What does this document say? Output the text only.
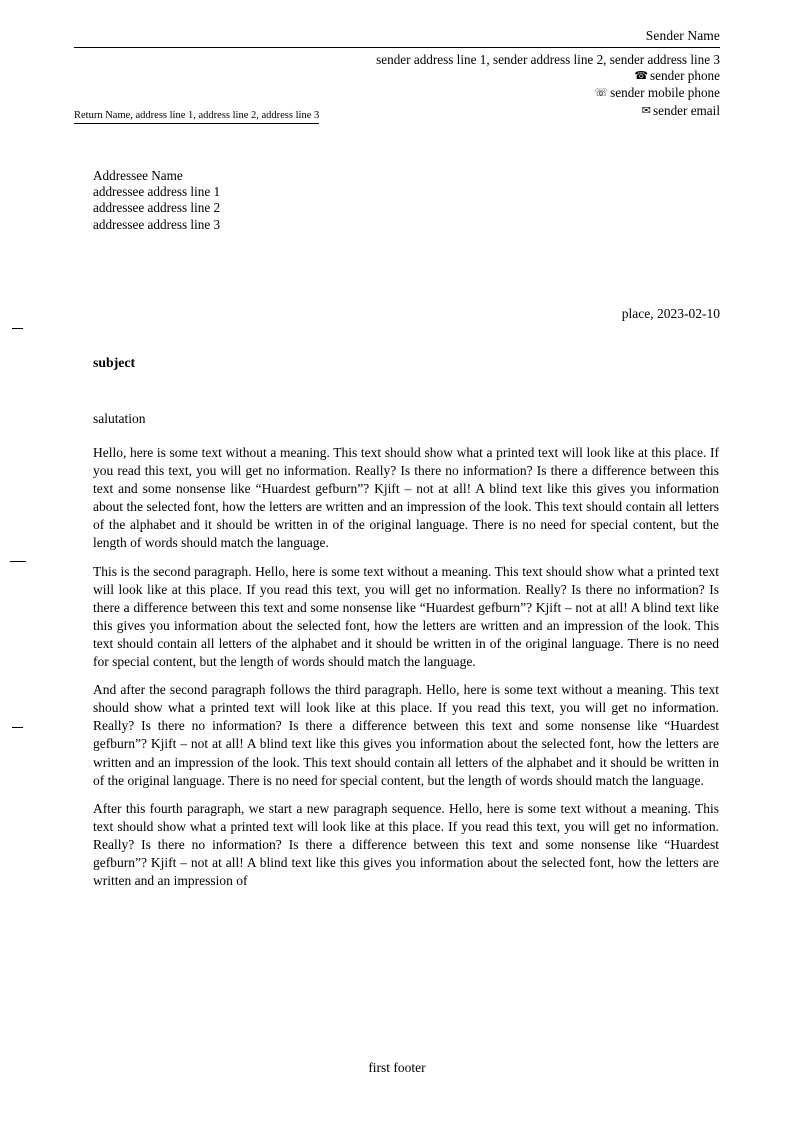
Sender Name
sender address line 1, sender address line 2, sender address line 3
☎ sender phone
☏ sender mobile phone
✉ sender email
Return Name, address line 1, address line 2, address line 3
Addressee Name
addressee address line 1
addressee address line 2
addressee address line 3
place, 2023-02-10
subject
salutation

Hello, here is some text without a meaning. This text should show what a printed text will look like at this place. If you read this text, you will get no information. Really? Is there no information? Is there a difference between this text and some nonsense like “Huardest gefburn”? Kjift – not at all! A blind text like this gives you information about the selected font, how the letters are written and an impression of the look. This text should contain all letters of the alphabet and it should be written in of the original language. There is no need for special content, but the length of words should match the language.

This is the second paragraph. Hello, here is some text without a meaning. This text should show what a printed text will look like at this place. If you read this text, you will get no information. Really? Is there no information? Is there a difference between this text and some nonsense like “Huardest gefburn”? Kjift – not at all! A blind text like this gives you information about the selected font, how the letters are written and an impression of the look. This text should contain all letters of the alphabet and it should be written in of the original language. There is no need for special content, but the length of words should match the language.

And after the second paragraph follows the third paragraph. Hello, here is some text without a meaning. This text should show what a printed text will look like at this place. If you read this text, you will get no information. Really? Is there no information? Is there a difference between this text and some nonsense like “Huardest gefburn”? Kjift – not at all! A blind text like this gives you information about the selected font, how the letters are written and an impression of the look. This text should contain all letters of the alphabet and it should be written in of the original language. There is no need for special content, but the length of words should match the language.

After this fourth paragraph, we start a new paragraph sequence. Hello, here is some text without a meaning. This text should show what a printed text will look like at this place. If you read this text, you will get no information. Really? Is there no information? Is there a difference between this text and some nonsense like “Huardest gefburn”? Kjift – not at all! A blind text like this gives you information about the selected font, how the letters are written and an impression of

first footer
